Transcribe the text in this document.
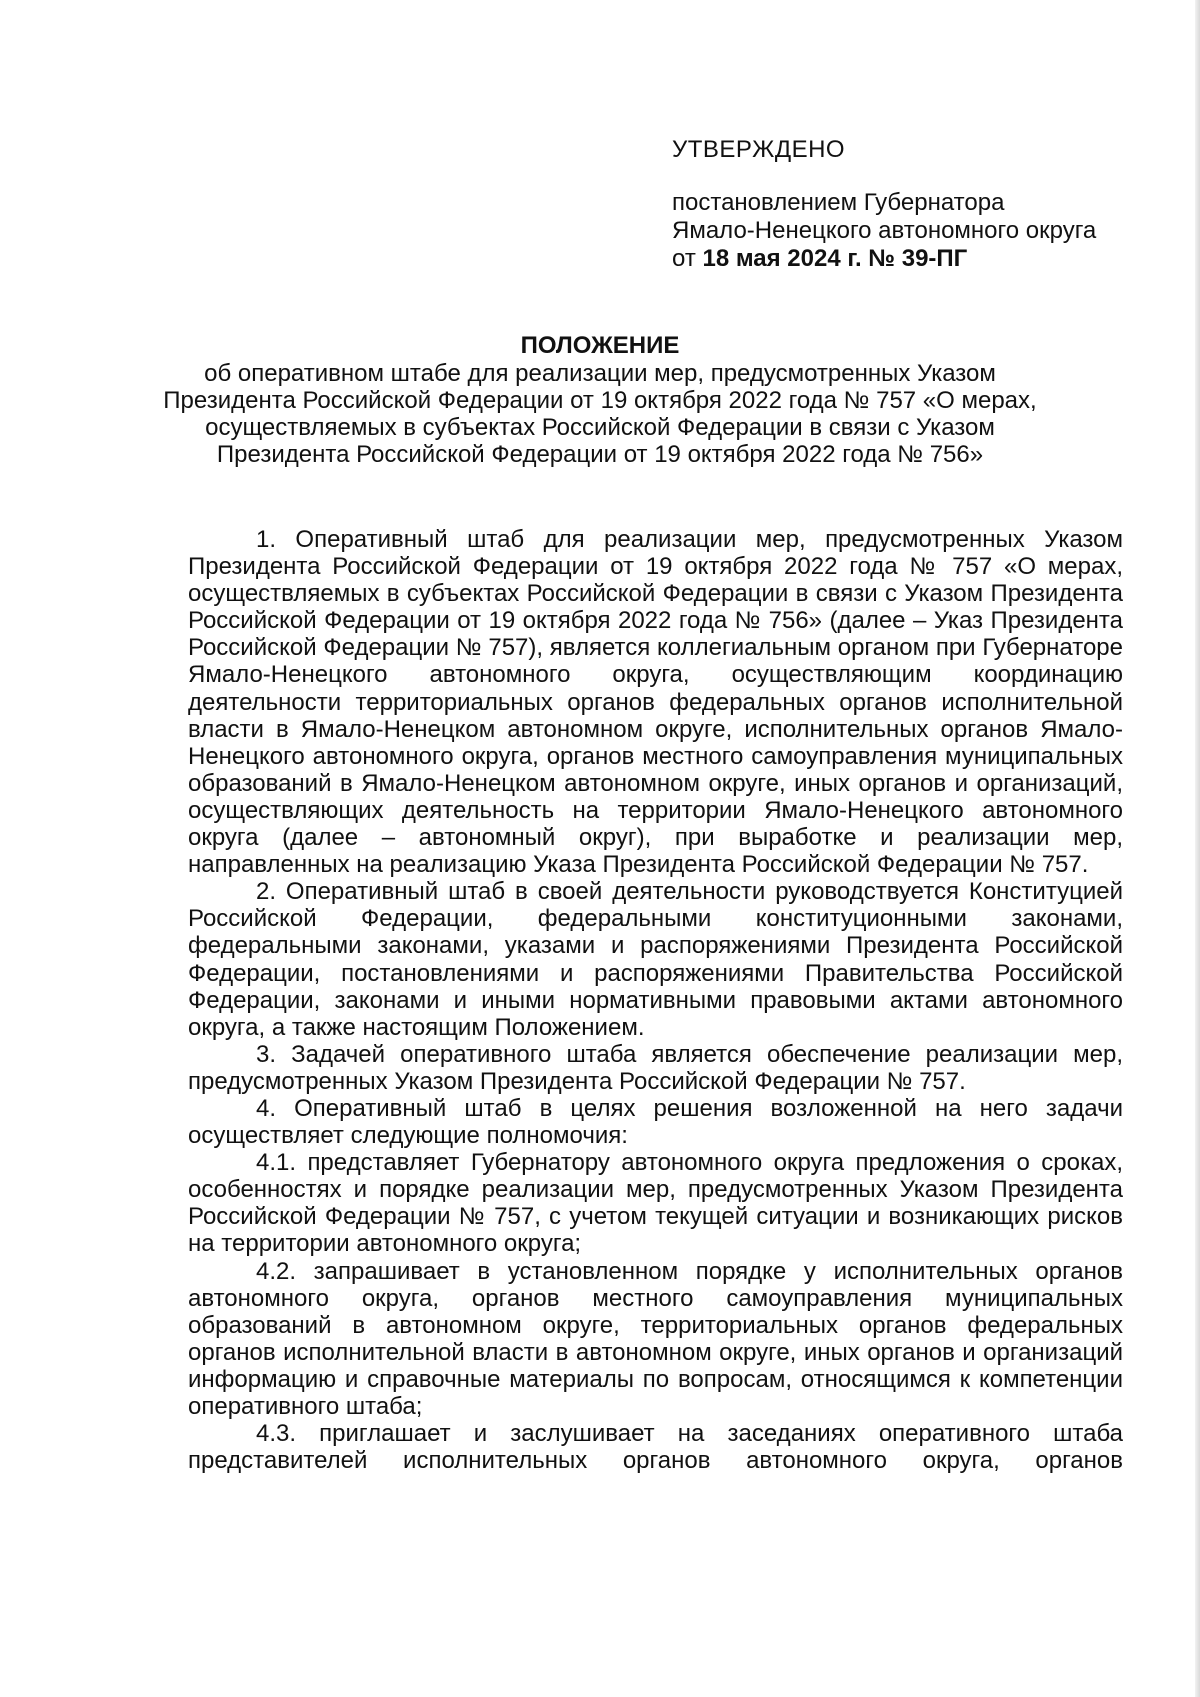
УТВЕРЖДЕНО
постановлением Губернатора
Ямало-Ненецкого автономного округа
от 18 мая 2024 г. № 39-ПГ
ПОЛОЖЕНИЕ
об оперативном штабе для реализации мер, предусмотренных Указом
Президента Российской Федерации от 19 октября 2022 года № 757 «О мерах,
осуществляемых в субъектах Российской Федерации в связи с Указом
Президента Российской Федерации от 19 октября 2022 года № 756»

1. Оперативный штаб для реализации мер, предусмотренных Указом Президента Российской Федерации от 19 октября 2022 года № 757 «О мерах, осуществляемых в субъектах Российской Федерации в связи с Указом Президента Российской Федерации от 19 октября 2022 года № 756» (далее – Указ Президента Российской Федерации № 757), является коллегиальным органом при Губернаторе Ямало-Ненецкого автономного округа, осуществляющим координацию деятельности территориальных органов федеральных органов исполнительной власти в Ямало-Ненецком автономном округе, исполнительных органов Ямало-Ненецкого автономного округа, органов местного самоуправления муниципальных образований в Ямало-Ненецком автономном округе, иных органов и организаций, осуществляющих деятельность на территории Ямало-Ненецкого автономного округа (далее – автономный округ), при выработке и реализации мер, направленных на реализацию Указа Президента Российской Федерации № 757.

2. Оперативный штаб в своей деятельности руководствуется Конституцией Российской Федерации, федеральными конституционными законами, федеральными законами, указами и распоряжениями Президента Российской Федерации, постановлениями и распоряжениями Правительства Российской Федерации, законами и иными нормативными правовыми актами автономного округа, а также настоящим Положением.

3. Задачей оперативного штаба является обеспечение реализации мер, предусмотренных Указом Президента Российской Федерации № 757.

4. Оперативный штаб в целях решения возложенной на него задачи осуществляет следующие полномочия:

4.1. представляет Губернатору автономного округа предложения о сроках, особенностях и порядке реализации мер, предусмотренных Указом Президента Российской Федерации № 757, с учетом текущей ситуации и возникающих рисков на территории автономного округа;

4.2. запрашивает в установленном порядке у исполнительных органов автономного округа, органов местного самоуправления муниципальных образований в автономном округе, территориальных органов федеральных органов исполнительной власти в автономном округе, иных органов и организаций информацию и справочные материалы по вопросам, относящимся к компетенции оперативного штаба;

4.3. приглашает и заслушивает на заседаниях оперативного штаба представителей исполнительных органов автономного округа, органов
